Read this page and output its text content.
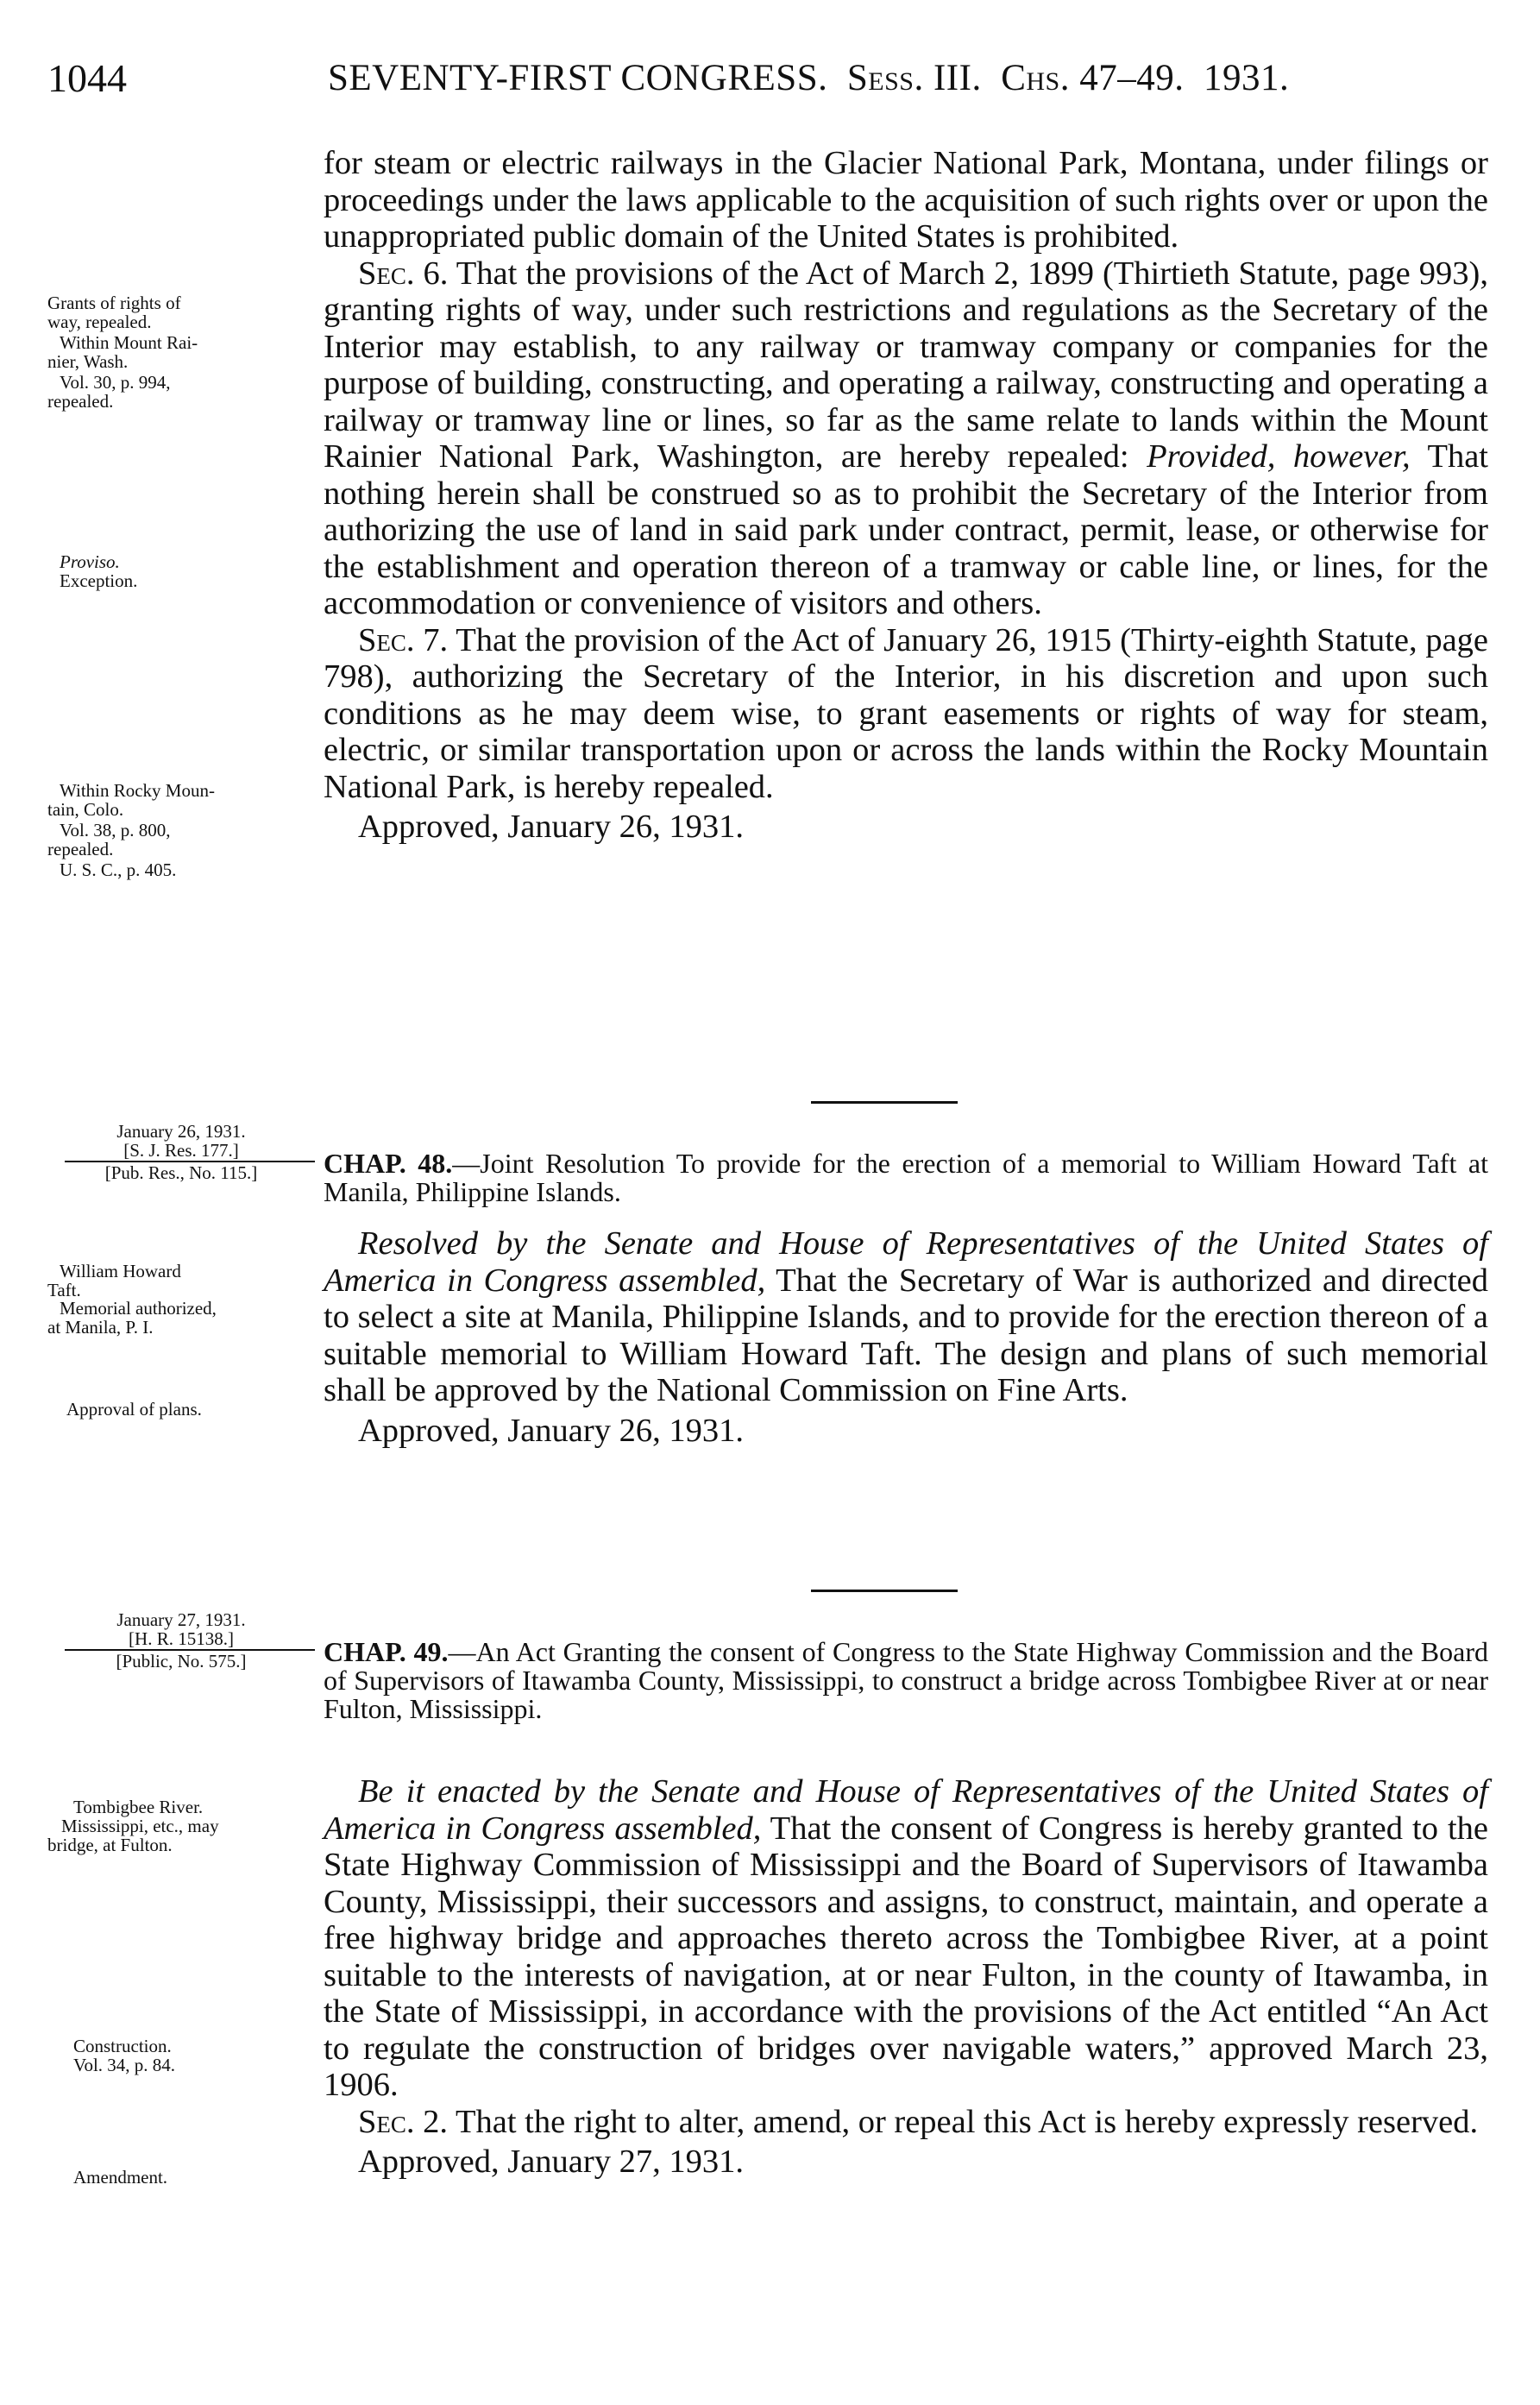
1044	SEVENTY-FIRST CONGRESS. Sess. III. Chs. 47–49. 1931.

for steam or electric railways in the Glacier National Park, Montana, under filings or proceedings under the laws applicable to the acquisition of such rights over or upon the unappropriated public domain of the United States is prohibited.

Sec. 6. That the provisions of the Act of March 2, 1899 (Thirtieth Statute, page 993), granting rights of way, under such restrictions and regulations as the Secretary of the Interior may establish, to any railway or tramway company or companies for the purpose of building, constructing, and operating a railway, constructing and operating a railway or tramway line or lines, so far as the same relate to lands within the Mount Rainier National Park, Washington, are hereby repealed: Provided, however, That nothing herein shall be construed so as to prohibit the Secretary of the Interior from authorizing the use of land in said park under contract, permit, lease, or otherwise for the establishment and operation thereon of a tramway or cable line, or lines, for the accommodation or convenience of visitors and others.

Sec. 7. That the provision of the Act of January 26, 1915 (Thirty-eighth Statute, page 798), authorizing the Secretary of the Interior, in his discretion and upon such conditions as he may deem wise, to grant easements or rights of way for steam, electric, or similar transportation upon or across the lands within the Rocky Mountain National Park, is hereby repealed.

Approved, January 26, 1931.

Grants of rights of
way, repealed.
Within Mount Rai-
nier, Wash.
Vol. 30, p. 994,
repealed.
Proviso.
Exception.
Within Rocky Moun-
tain, Colo.
Vol. 38, p. 800,
repealed.
U. S. C., p. 405.
January 26, 1931.
[S. J. Res. 177.]
[Pub. Res., No. 115.]	CHAP. 48.—Joint Resolution To provide for the erection of a memorial to William Howard Taft at Manila, Philippine Islands.
William Howard
Taft.
Memorial authorized,
at Manila, P. I.
Approval of plans.

Resolved by the Senate and House of Representatives of the United States of America in Congress assembled, That the Secretary of War is authorized and directed to select a site at Manila, Philippine Islands, and to provide for the erection thereon of a suitable memorial to William Howard Taft. The design and plans of such memorial shall be approved by the National Commission on Fine Arts.

Approved, January 26, 1931.

January 27, 1931.
[H. R. 15138.]
[Public, No. 575.]	CHAP. 49.—An Act Granting the consent of Congress to the State Highway Commission and the Board of Supervisors of Itawamba County, Mississippi, to construct a bridge across Tombigbee River at or near Fulton, Mississippi.
Tombigbee River.
Mississippi, etc., may
bridge, at Fulton.
Construction.
Vol. 34, p. 84.
Amendment.

Be it enacted by the Senate and House of Representatives of the United States of America in Congress assembled, That the consent of Congress is hereby granted to the State Highway Commission of Mississippi and the Board of Supervisors of Itawamba County, Mississippi, their successors and assigns, to construct, maintain, and operate a free highway bridge and approaches thereto across the Tombigbee River, at a point suitable to the interests of navigation, at or near Fulton, in the county of Itawamba, in the State of Mississippi, in accordance with the provisions of the Act entitled “An Act to regulate the construction of bridges over navigable waters,” approved March 23, 1906.

Sec. 2. That the right to alter, amend, or repeal this Act is hereby expressly reserved.

Approved, January 27, 1931.
